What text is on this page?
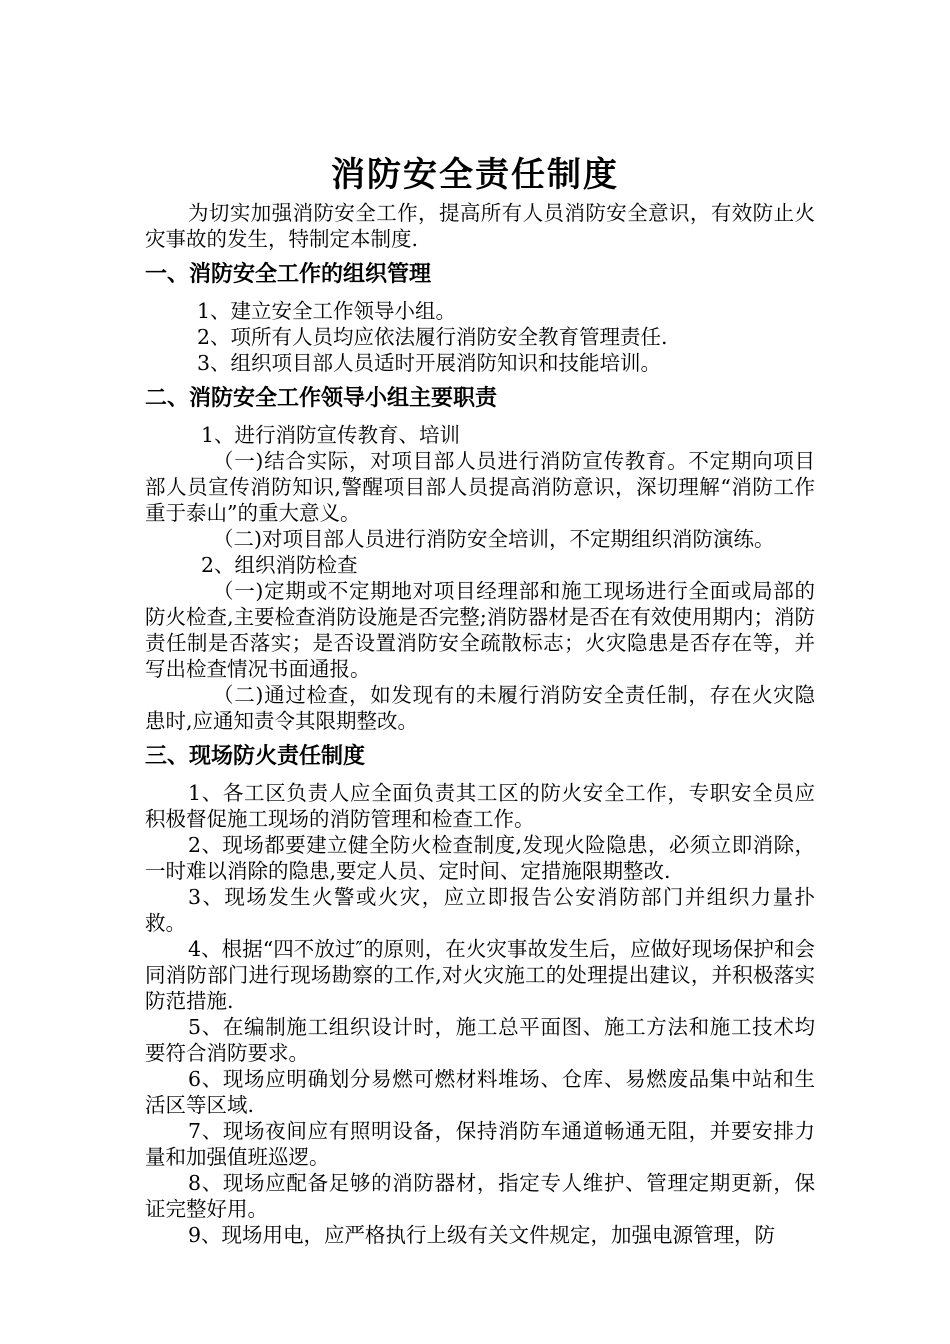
消防安全责任制度

为切实加强消防安全工作，提高所有人员消防安全意识，有效防止火灾事故的发生，特制定本制度.

一、消防安全工作的组织管理

1、建立安全工作领导小组。

2、项所有人员均应依法履行消防安全教育管理责任.

3、组织项目部人员适时开展消防知识和技能培训。

二、消防安全工作领导小组主要职责

1、进行消防宣传教育、培训

（一)结合实际，对项目部人员进行消防宣传教育。不定期向项目部人员宣传消防知识,警醒项目部人员提高消防意识，深切理解“消防工作重于泰山”的重大意义。

（二)对项目部人员进行消防安全培训，不定期组织消防演练。

2、组织消防检查

（一)定期或不定期地对项目经理部和施工现场进行全面或局部的防火检查,主要检查消防设施是否完整;消防器材是否在有效使用期内；消防责任制是否落实；是否设置消防安全疏散标志；火灾隐患是否存在等，并写出检查情况书面通报。

（二)通过检查，如发现有的未履行消防安全责任制，存在火灾隐患时,应通知责令其限期整改。

三、现场防火责任制度

1、各工区负责人应全面负责其工区的防火安全工作，专职安全员应积极督促施工现场的消防管理和检查工作。

2、现场都要建立健全防火检查制度,发现火险隐患，必须立即消除，一时难以消除的隐患,要定人员、定时间、定措施限期整改.

3、现场发生火警或火灾，应立即报告公安消防部门并组织力量扑救。

4、根据“四不放过″的原则，在火灾事故发生后，应做好现场保护和会同消防部门进行现场勘察的工作,对火灾施工的处理提出建议，并积极落实防范措施.

5、在编制施工组织设计时，施工总平面图、施工方法和施工技术均要符合消防要求。

6、现场应明确划分易燃可燃材料堆场、仓库、易燃废品集中站和生活区等区域.

7、现场夜间应有照明设备，保持消防车通道畅通无阻，并要安排力量和加强值班巡逻。

8、现场应配备足够的消防器材，指定专人维护、管理定期更新，保证完整好用。

9、现场用电，应严格执行上级有关文件规定，加强电源管理，防
